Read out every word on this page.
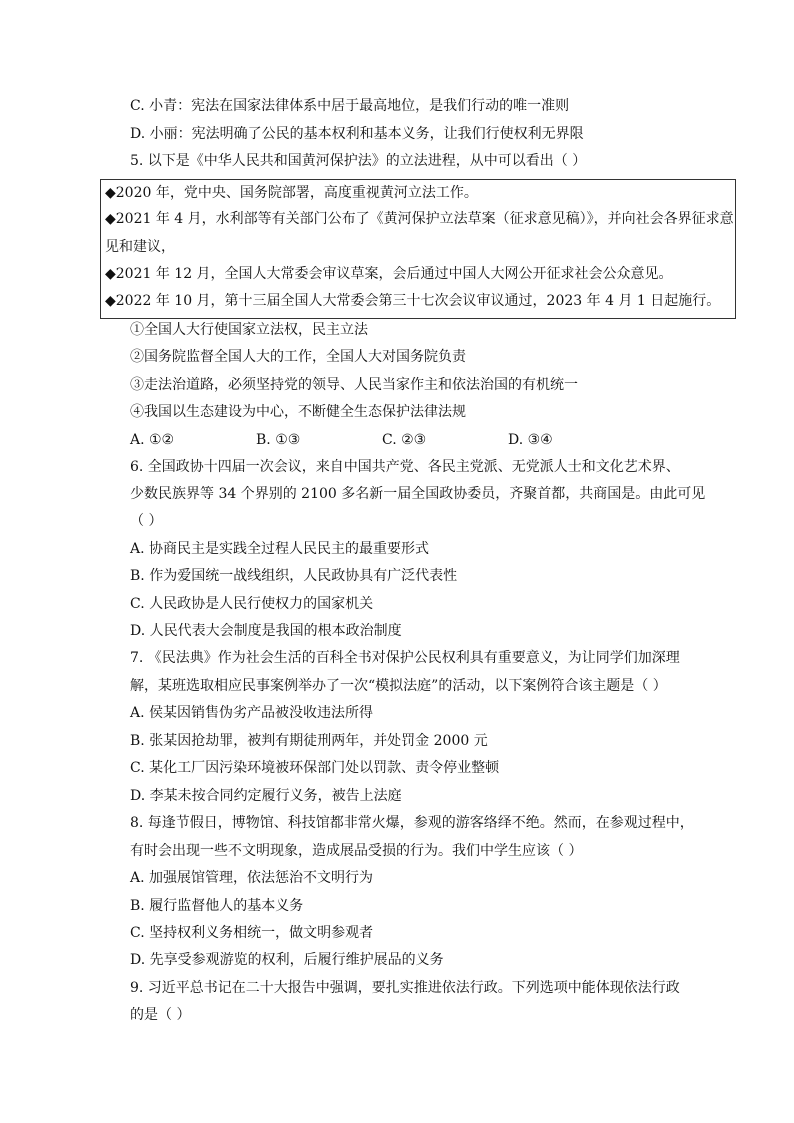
C. 小青：宪法在国家法律体系中居于最高地位，是我们行动的唯一准则
D. 小丽：宪法明确了公民的基本权利和基本义务，让我们行使权利无界限
5. 以下是《中华人民共和国黄河保护法》的立法进程，从中可以看出（ ）
◆2020 年，党中央、国务院部署，高度重视黄河立法工作。
◆2021 年 4 月，水利部等有关部门公布了《黄河保护立法草案（征求意见稿）》，并向社会各界征求意
见和建议，
◆2021 年 12 月，全国人大常委会审议草案，会后通过中国人大网公开征求社会公众意见。
◆2022 年 10 月，第十三届全国人大常委会第三十七次会议审议通过，2023 年 4 月 1 日起施行。
①全国人大行使国家立法权，民主立法
②国务院监督全国人大的工作，全国人大对国务院负责
③走法治道路，必须坚持党的领导、人民当家作主和依法治国的有机统一
④我国以生态建设为中心，不断健全生态保护法律法规
A. ①②	B. ①③	C. ②③	D. ③④
6. 全国政协十四届一次会议，来自中国共产党、各民主党派、无党派人士和文化艺术界、
少数民族界等 34 个界别的 2100 多名新一届全国政协委员，齐聚首都，共商国是。由此可见
（ ）
A. 协商民主是实践全过程人民民主的最重要形式
B. 作为爱国统一战线组织，人民政协具有广泛代表性
C. 人民政协是人民行使权力的国家机关
D. 人民代表大会制度是我国的根本政治制度
7. 《民法典》作为社会生活的百科全书对保护公民权利具有重要意义，为让同学们加深理
解，某班选取相应民事案例举办了一次“模拟法庭”的活动，以下案例符合该主题是（ ）
A. 侯某因销售伪劣产品被没收违法所得
B. 张某因抢劫罪，被判有期徒刑两年，并处罚金 2000 元
C. 某化工厂因污染环境被环保部门处以罚款、责令停业整顿
D. 李某未按合同约定履行义务，被告上法庭
8. 每逢节假日，博物馆、科技馆都非常火爆，参观的游客络绎不绝。然而，在参观过程中，
有时会出现一些不文明现象，造成展品受损的行为。我们中学生应该（ ）
A. 加强展馆管理，依法惩治不文明行为
B. 履行监督他人的基本义务
C. 坚持权利义务相统一，做文明参观者
D. 先享受参观游览的权利，后履行维护展品的义务
9. 习近平总书记在二十大报告中强调，要扎实推进依法行政。下列选项中能体现依法行政
的是（ ）
